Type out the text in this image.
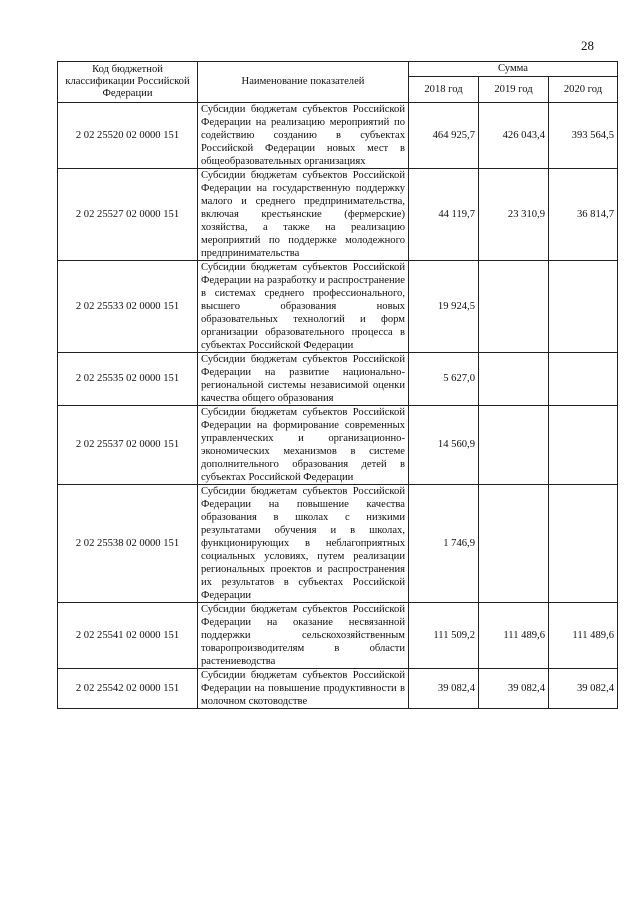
28
Код бюджетной классификации Российской Федерации	Наименование показателей	Сумма		
		2018 год	2019 год	2020 год
2 02 25520 02 0000 151	Субсидии бюджетам субъектов Российской Федерации на реализацию мероприятий по содействию созданию в субъектах Российской Федерации новых мест в общеобразовательных организациях	464 925,7	426 043,4	393 564,5
2 02 25527 02 0000 151	Субсидии бюджетам субъектов Российской Федерации на государственную поддержку малого и среднего предпринимательства, включая крестьянские (фермерские) хозяйства, а также на реализацию мероприятий по поддержке молодежного предпринимательства	44 119,7	23 310,9	36 814,7
2 02 25533 02 0000 151	Субсидии бюджетам субъектов Российской Федерации на разработку и распространение в системах среднего профессионального, высшего образования новых образовательных технологий и форм организации образовательного процесса в субъектах Российской Федерации	19 924,5		
2 02 25535 02 0000 151	Субсидии бюджетам субъектов Российской Федерации на развитие национально-региональной системы независимой оценки качества общего образования	5 627,0		
2 02 25537 02 0000 151	Субсидии бюджетам субъектов Российской Федерации на формирование современных управленческих и организационно-экономических механизмов в системе дополнительного образования детей в субъектах Российской Федерации	14 560,9		
2 02 25538 02 0000 151	Субсидии бюджетам субъектов Российской Федерации на повышение качества образования в школах с низкими результатами обучения и в школах, функционирующих в неблагоприятных социальных условиях, путем реализации региональных проектов и распространения их результатов в субъектах Российской Федерации	1 746,9		
2 02 25541 02 0000 151	Субсидии бюджетам субъектов Российской Федерации на оказание несвязанной поддержки сельскохозяйственным товаропроизводителям в области растениеводства	111 509,2	111 489,6	111 489,6
2 02 25542 02 0000 151	Субсидии бюджетам субъектов Российской Федерации на повышение продуктивности в молочном скотоводстве	39 082,4	39 082,4	39 082,4
